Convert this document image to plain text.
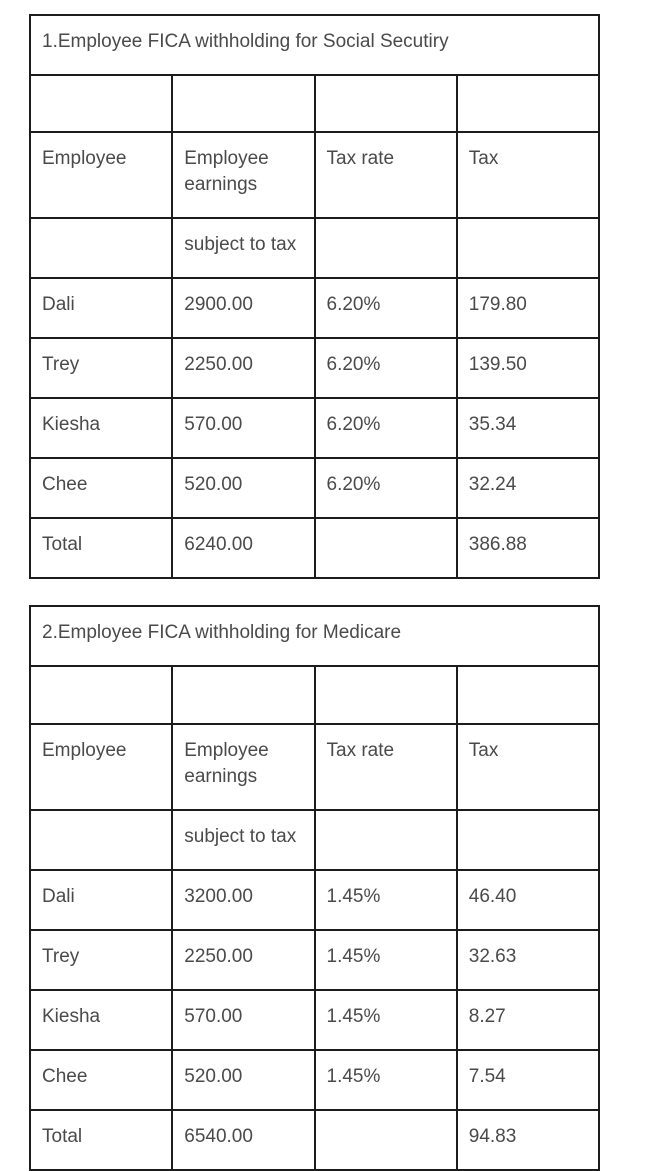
1.Employee FICA withholding for Social Secutiry			

Employee	Employee earnings	Tax rate	Tax
	subject to tax		
Dali	2900.00	6.20%	179.80
Trey	2250.00	6.20%	139.50
Kiesha	570.00	6.20%	35.34
Chee	520.00	6.20%	32.24
Total	6240.00		386.88
2.Employee FICA withholding for Medicare			

Employee	Employee earnings	Tax rate	Tax
	subject to tax		
Dali	3200.00	1.45%	46.40
Trey	2250.00	1.45%	32.63
Kiesha	570.00	1.45%	8.27
Chee	520.00	1.45%	7.54
Total	6540.00		94.83
